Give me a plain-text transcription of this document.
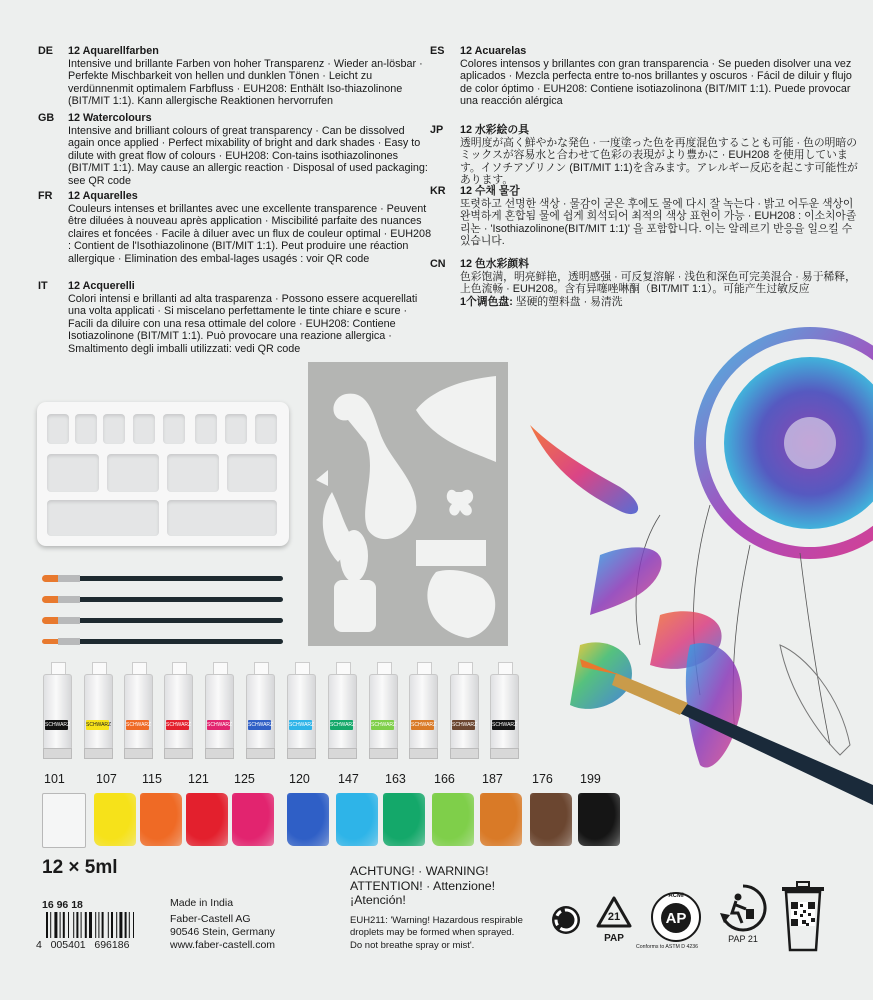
DE	12 Aquarellfarben
Intensive und brillante Farben von hoher Transparenz · Wieder an-lösbar · Perfekte Mischbarkeit von hellen und dunklen Tönen · Leicht zu verdünnenmit optimalem Farbfluss · EUH208: Enthält Iso-thiazolinone (BIT/MIT 1:1). Kann allergische Reaktionen hervorrufen
GB	12 Watercolours
Intensive and brilliant colours of great transparency · Can be dissolved again once applied · Perfect mixability of bright and dark shades · Easy to dilute with great flow of colours · EUH208: Con-tains isothiazolinones (BIT/MIT 1:1). May cause an allergic reaction · Disposal of used packaging: see QR code
FR	12 Aquarelles
Couleurs intenses et brillantes avec une excellente transparence · Peuvent être diluées à nouveau après application · Miscibilité parfaite des nuances claires et foncées · Facile à diluer avec un flux de couleur optimal · EUH208 : Contient de l'Isothiazolinone (BIT/MIT 1:1). Peut produire une réaction allergique · Elimination des embal-lages usagés : voir QR code
IT	12 Acquerelli
Colori intensi e brillanti ad alta trasparenza · Possono essere acquerellati una volta applicati · Si miscelano perfettamente le tinte chiare e scure · Facili da diluire con una resa ottimale del colore · EUH208: Contiene Isotiazolinone (BIT/MIT 1:1). Può provocare una reazione allergica · Smaltimento degli imballi utilizzati: vedi QR code
ES	12 Acuarelas
Colores intensos y brillantes con gran transparencia · Se pueden disolver una vez aplicados · Mezcla perfecta entre to-nos brillantes y oscuros · Fácil de diluir y flujo de color óptimo · EUH208: Contiene isotiazolinona (BIT/MIT 1:1). Puede provocar una reacción alérgica
JP	12 水彩絵の具
透明度が高く鮮やかな発色 · 一度塗った色を再度混色することも可能 · 色の明暗のミックスが容易水と合わせて色彩の表現がより豊かに · EUH208 を使用しています。イソチアゾリノン (BIT/MIT 1:1)を含みます。アレルギー反応を起こす可能性があります。
KR	12 수채 물감
또렷하고 선명한 색상 · 물감이 굳은 후에도 물에 다시 잘 녹는다 · 밝고 어두운 색상이 완벽하게 혼합됨 물에 쉽게 희석되어 최적의 색상 표현이 가능 · EUH208 : 이소치아졸리논 · 'Isothiazolinone(BIT/MIT 1:1)' 을 포함합니다. 이는 알레르기 반응을 일으킬 수 있습니다.
CN	12 色水彩颜料
色彩饱满，明亮鲜艳，透明感强 · 可反复溶解 · 浅色和深色可完美混合 · 易于稀释，上色流畅 · EUH208。含有异噻唑啉酮（BIT/MIT 1:1）。可能产生过敏反应
1个调色盘: 坚硬的塑料盘 · 易清洗
SCHWARZ	SCHWARZ	SCHWARZ	SCHWARZ	SCHWARZ	SCHWARZ	SCHWARZ	SCHWARZ	SCHWARZ	SCHWARZ	SCHWARZ	SCHWARZ
101 107 115 121 125	120 147 163 166 187 176 199
12 × 5ml
16 96 18
4   005401   696186
Made in India
Faber-Castell AG
90546 Stein, Germany
www.faber-castell.com
ACHTUNG! · WARNING!
ATTENTION! · Attenzione!
¡Atención!
EUH211: 'Warning! Hazardous respirable
droplets may be formed when sprayed.
Do not breathe spray or mist'.
21
PAP
ACMI
AP
Conforms to ASTM D 4236
PAP 21
